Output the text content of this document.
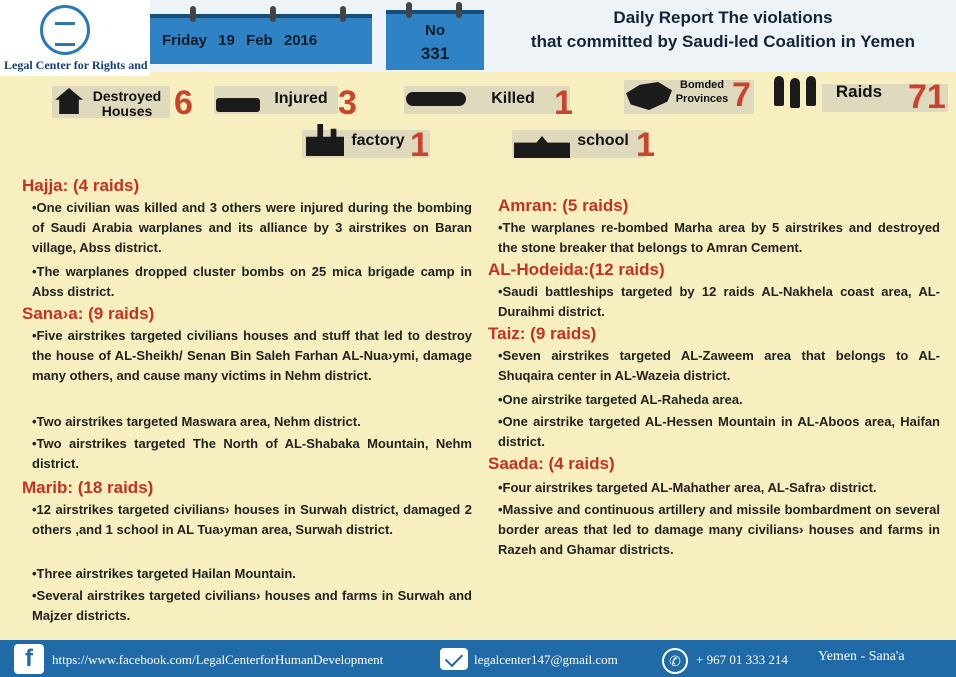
Legal Center for Rights and
Friday 19 Feb 2016
No
331
Daily Report The violations
that committed by Saudi-led Coalition in Yemen
Destroyed Houses 6	Injured 3	Killed 1	Bomded Provinces 7	Raids 71
factory 1	school 1
Hajja: (4 raids)

•One civilian was killed and 3 others were injured during the bombing of Saudi Arabia warplanes and its alliance by 3 airstrikes on Baran village, Abss district.

•The warplanes dropped cluster bombs on 25 mica brigade camp in Abss district.

Sana›a: (9 raids)

•Five airstrikes targeted civilians houses and stuff that led to destroy the house of AL-Sheikh/ Senan Bin Saleh Farhan AL-Nua›ymi, damage many others, and cause many victims in Nehm district.

•Two airstrikes targeted Maswara area, Nehm district.

•Two airstrikes targeted The North of AL-Shabaka Mountain, Nehm district.

Marib: (18 raids)

•12 airstrikes targeted civilians› houses in Surwah district, damaged 2 others ,and 1 school in AL Tua›yman area, Surwah district.

•Three airstrikes targeted Hailan Mountain.

•Several airstrikes targeted civilians› houses and farms in Surwah and Majzer districts.

Amran: (5 raids)

•The warplanes re-bombed Marha area by 5 airstrikes and destroyed the stone breaker that belongs to Amran Cement.

AL-Hodeida:(12 raids)

•Saudi battleships targeted by 12 raids AL-Nakhela coast area, AL-Duraihmi district.

Taiz: (9 raids)

•Seven airstrikes targeted AL-Zaweem area that belongs to AL-Shuqaira center in AL-Wazeia district.

•One airstrike targeted AL-Raheda area.

•One airstrike targeted AL-Hessen Mountain in AL-Aboos area, Haifan district.

Saada: (4 raids)

•Four airstrikes targeted AL-Mahather area, AL-Safra› district.

•Massive and continuous artillery and missile bombardment on several border areas that led to damage many civilians› houses and farms in Razeh and Ghamar districts.

f	https://www.facebook.com/LegalCenterforHumanDevelopment	legalcenter147@gmail.com	✆	+ 967 01 333 214 Yemen - Sana'a
